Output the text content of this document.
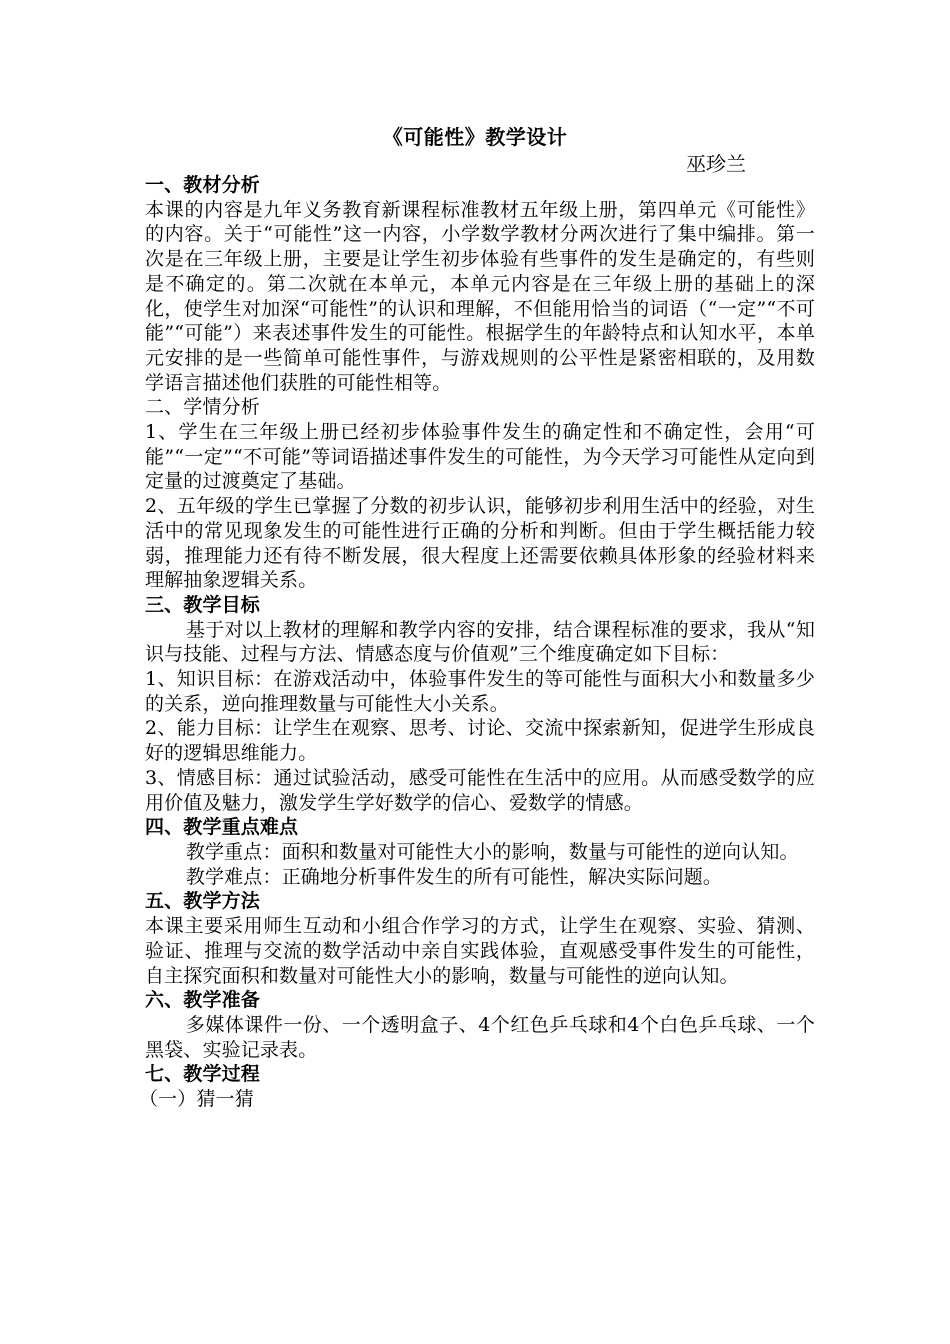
《可能性》教学设计
巫珍兰

一、教材分析

本课的内容是九年义务教育新课程标准教材五年级上册，第四单元《可能性》的内容。关于“可能性”这一内容，小学数学教材分两次进行了集中编排。第一次是在三年级上册，主要是让学生初步体验有些事件的发生是确定的，有些则是不确定的。第二次就在本单元，本单元内容是在三年级上册的基础上的深化，使学生对加深“可能性”的认识和理解，不但能用恰当的词语（“一定”“不可能”“可能”）来表述事件发生的可能性。根据学生的年龄特点和认知水平，本单元安排的是一些简单可能性事件，与游戏规则的公平性是紧密相联的，及用数学语言描述他们获胜的可能性相等。

二、学情分析

1、学生在三年级上册已经初步体验事件发生的确定性和不确定性，会用“可能”“一定”“不可能”等词语描述事件发生的可能性，为今天学习可能性从定向到定量的过渡奠定了基础。

2、五年级的学生已掌握了分数的初步认识，能够初步利用生活中的经验，对生活中的常见现象发生的可能性进行正确的分析和判断。但由于学生概括能力较弱，推理能力还有待不断发展，很大程度上还需要依赖具体形象的经验材料来理解抽象逻辑关系。

三、教学目标

基于对以上教材的理解和教学内容的安排，结合课程标准的要求，我从“知识与技能、过程与方法、情感态度与价值观”三个维度确定如下目标：

1、知识目标：在游戏活动中，体验事件发生的等可能性与面积大小和数量多少的关系，逆向推理数量与可能性大小关系。

2、能力目标：让学生在观察、思考、讨论、交流中探索新知，促进学生形成良好的逻辑思维能力。

3、情感目标：通过试验活动，感受可能性在生活中的应用。从而感受数学的应用价值及魅力，激发学生学好数学的信心、爱数学的情感。

四、教学重点难点

教学重点：面积和数量对可能性大小的影响，数量与可能性的逆向认知。

教学难点：正确地分析事件发生的所有可能性，解决实际问题。

五、教学方法

本课主要采用师生互动和小组合作学习的方式，让学生在观察、实验、猜测、验证、推理与交流的数学活动中亲自实践体验，直观感受事件发生的可能性，自主探究面积和数量对可能性大小的影响，数量与可能性的逆向认知。

六、教学准备

多媒体课件一份、一个透明盒子、4个红色乒乓球和4个白色乒乓球、一个黑袋、实验记录表。

七、教学过程

（一）猜一猜
